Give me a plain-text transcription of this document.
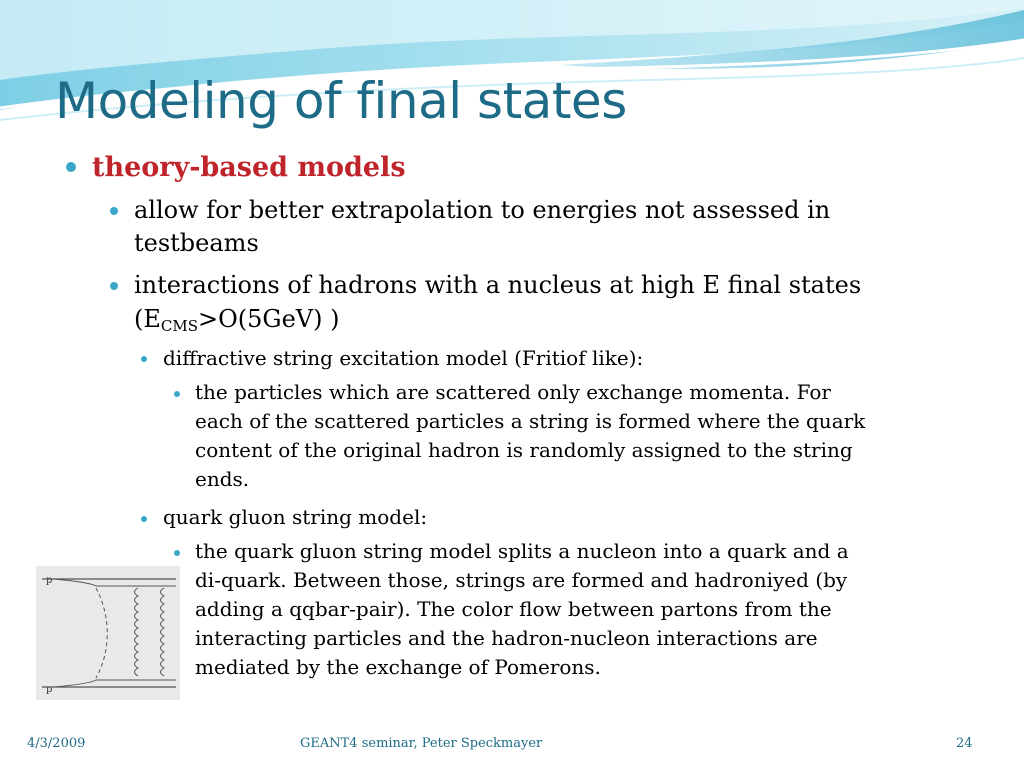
Modeling of final states
theory-based models
allow for better extrapolation to energies not assessed in
testbeams
interactions of hadrons with a nucleus at high E final states
($E_{CMS}>O(5GeV)$ )
diffractive string excitation model (Fritiof like):
the particles which are scattered only exchange momenta. For
each of the scattered particles a string is formed where the quark
content of the original hadron is randomly assigned to the string
ends.
quark gluon string model:
the quark gluon string model splits a nucleon into a quark and a
di-quark. Between those, strings are formed and hadroniyed (by
adding a qqbar-pair). The color flow between partons from the
interacting particles and the hadron-nucleon interactions are
mediated by the exchange of Pomerons.
p
p
4/3/2009	GEANT4 seminar, Peter Speckmayer	24
